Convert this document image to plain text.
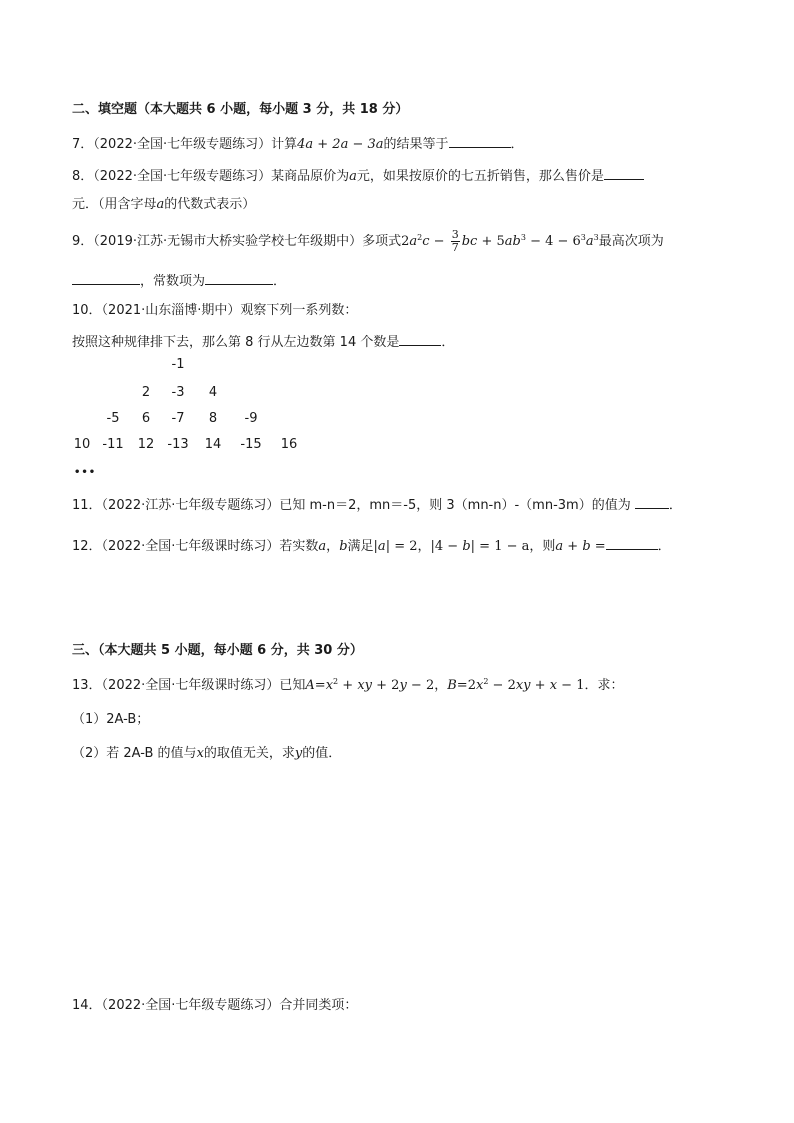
二、填空题（本大题共 6 小题，每小题 3 分，共 18 分）
7．（2022·全国·七年级专题练习）计算4a + 2a − 3a的结果等于	．
8．（2022·全国·七年级专题练习）某商品原价为a元，如果按原价的七五折销售，那么售价是
元．（用含字母a的代数式表示）
9．（2019·江苏·无锡市大桥实验学校七年级期中）多项式$2a^2c - \frac{3}{7}$ bc + $5ab^3 - 4 - 6^3a^3$最高次项为
，常数项为	．
10．（2021·山东淄博·期中）观察下列一系列数：
按照这种规律排下去，那么第 8 行从左边数第 14 个数是	．
-1
2	-3	4
-5	6	-7	8	-9
10 -11	12	-13	14	-15	16
•••
11．（2022·江苏·七年级专题练习）已知 m-n＝2，mn＝-5，则 3（mn-n）-（mn-3m）的值为	．
12．（2022·全国·七年级课时练习）若实数a，b满足|a| = 2，|4 − b| = 1 − a，则a + b =	．
三、（本大题共 5 小题，每小题 6 分，共 30 分）
13．（2022·全国·七年级课时练习）已知$A=x^2$ + xy + 2y − 2，$B=2x^2 - 2xy + x - 1$．求：
（1）2A-B；
（2）若 2A-B 的值与x的取值无关，求y的值．
14．（2022·全国·七年级专题练习）合并同类项：
